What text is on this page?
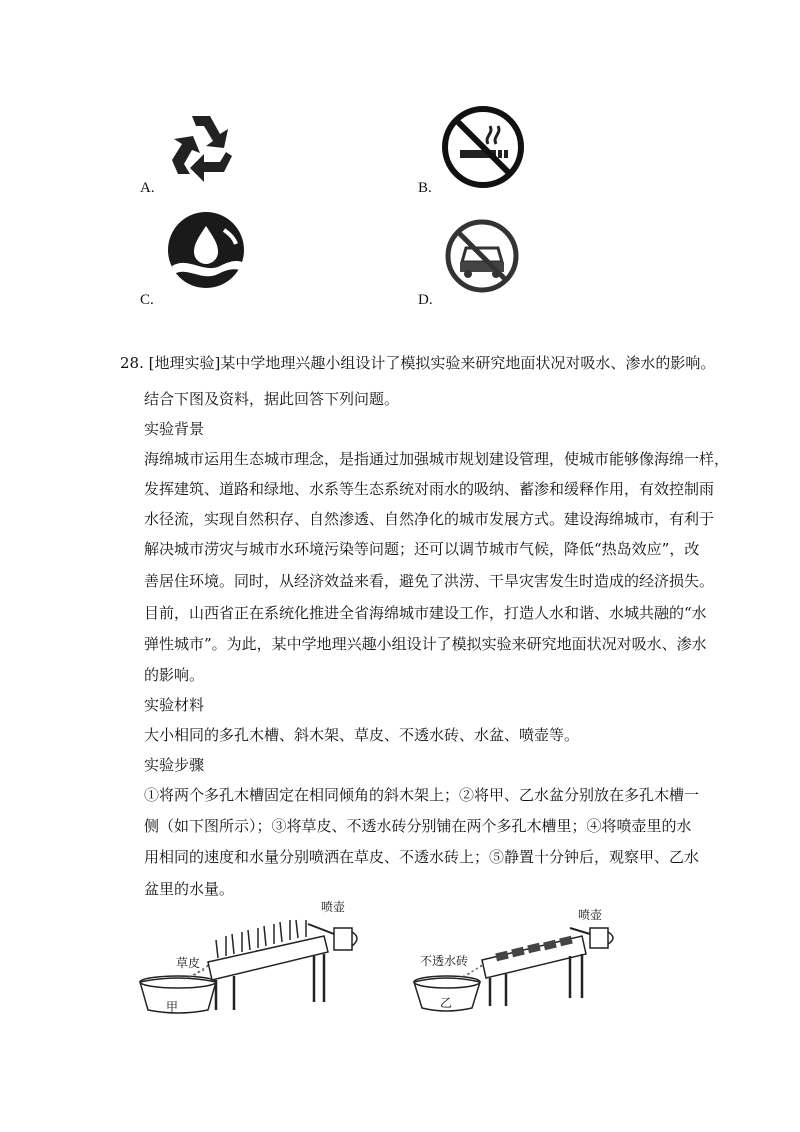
A.	B.
C.	D.
28. [地理实验]某中学地理兴趣小组设计了模拟实验来研究地面状况对吸水、渗水的影响。
结合下图及资料，据此回答下列问题。
实验背景
海绵城市运用生态城市理念，是指通过加强城市规划建设管理，使城市能够像海绵一样，
发挥建筑、道路和绿地、水系等生态系统对雨水的吸纳、蓄渗和缓释作用，有效控制雨
水径流，实现自然积存、自然渗透、自然净化的城市发展方式。建设海绵城市，有利于
解决城市涝灾与城市水环境污染等问题；还可以调节城市气候，降低“热岛效应”，改
善居住环境。同时，从经济效益来看，避免了洪涝、干旱灾害发生时造成的经济损失。
目前，山西省正在系统化推进全省海绵城市建设工作，打造人水和谐、水城共融的“水
弹性城市”。为此，某中学地理兴趣小组设计了模拟实验来研究地面状况对吸水、渗水
的影响。
实验材料
大小相同的多孔木槽、斜木架、草皮、不透水砖、水盆、喷壶等。
实验步骤
①将两个多孔木槽固定在相同倾角的斜木架上；②将甲、乙水盆分别放在多孔木槽一
侧（如下图所示）；③将草皮、不透水砖分别铺在两个多孔木槽里；④将喷壶里的水
用相同的速度和水量分别喷洒在草皮、不透水砖上；⑤静置十分钟后，观察甲、乙水
盆里的水量。
喷壶
草皮
甲
喷壶
不透水砖
乙
